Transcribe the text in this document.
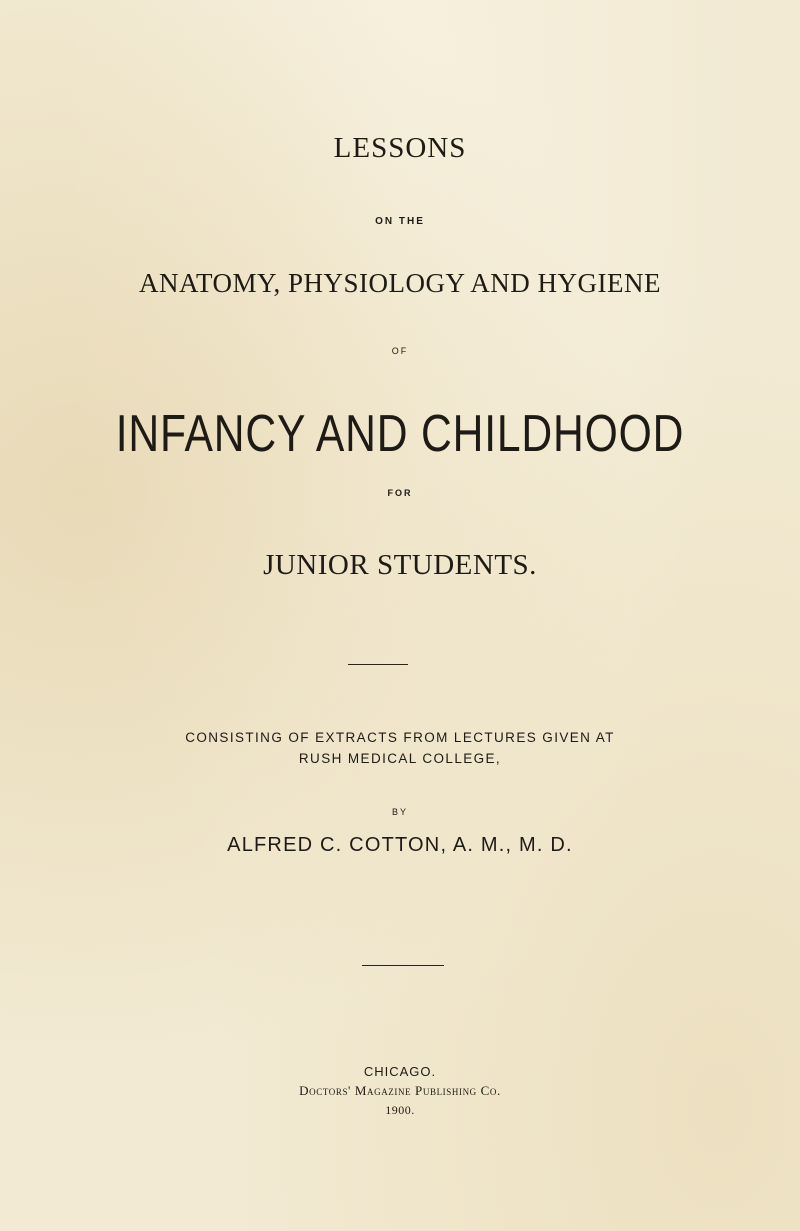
LESSONS
ON THE
ANATOMY, PHYSIOLOGY AND HYGIENE
OF
INFANCY AND CHILDHOOD
FOR
JUNIOR STUDENTS.
CONSISTING OF EXTRACTS FROM LECTURES GIVEN AT
RUSH MEDICAL COLLEGE,
BY
ALFRED C. COTTON, A. M., M. D.
CHICAGO.
Doctors' Magazine Publishing Co.
1900.
